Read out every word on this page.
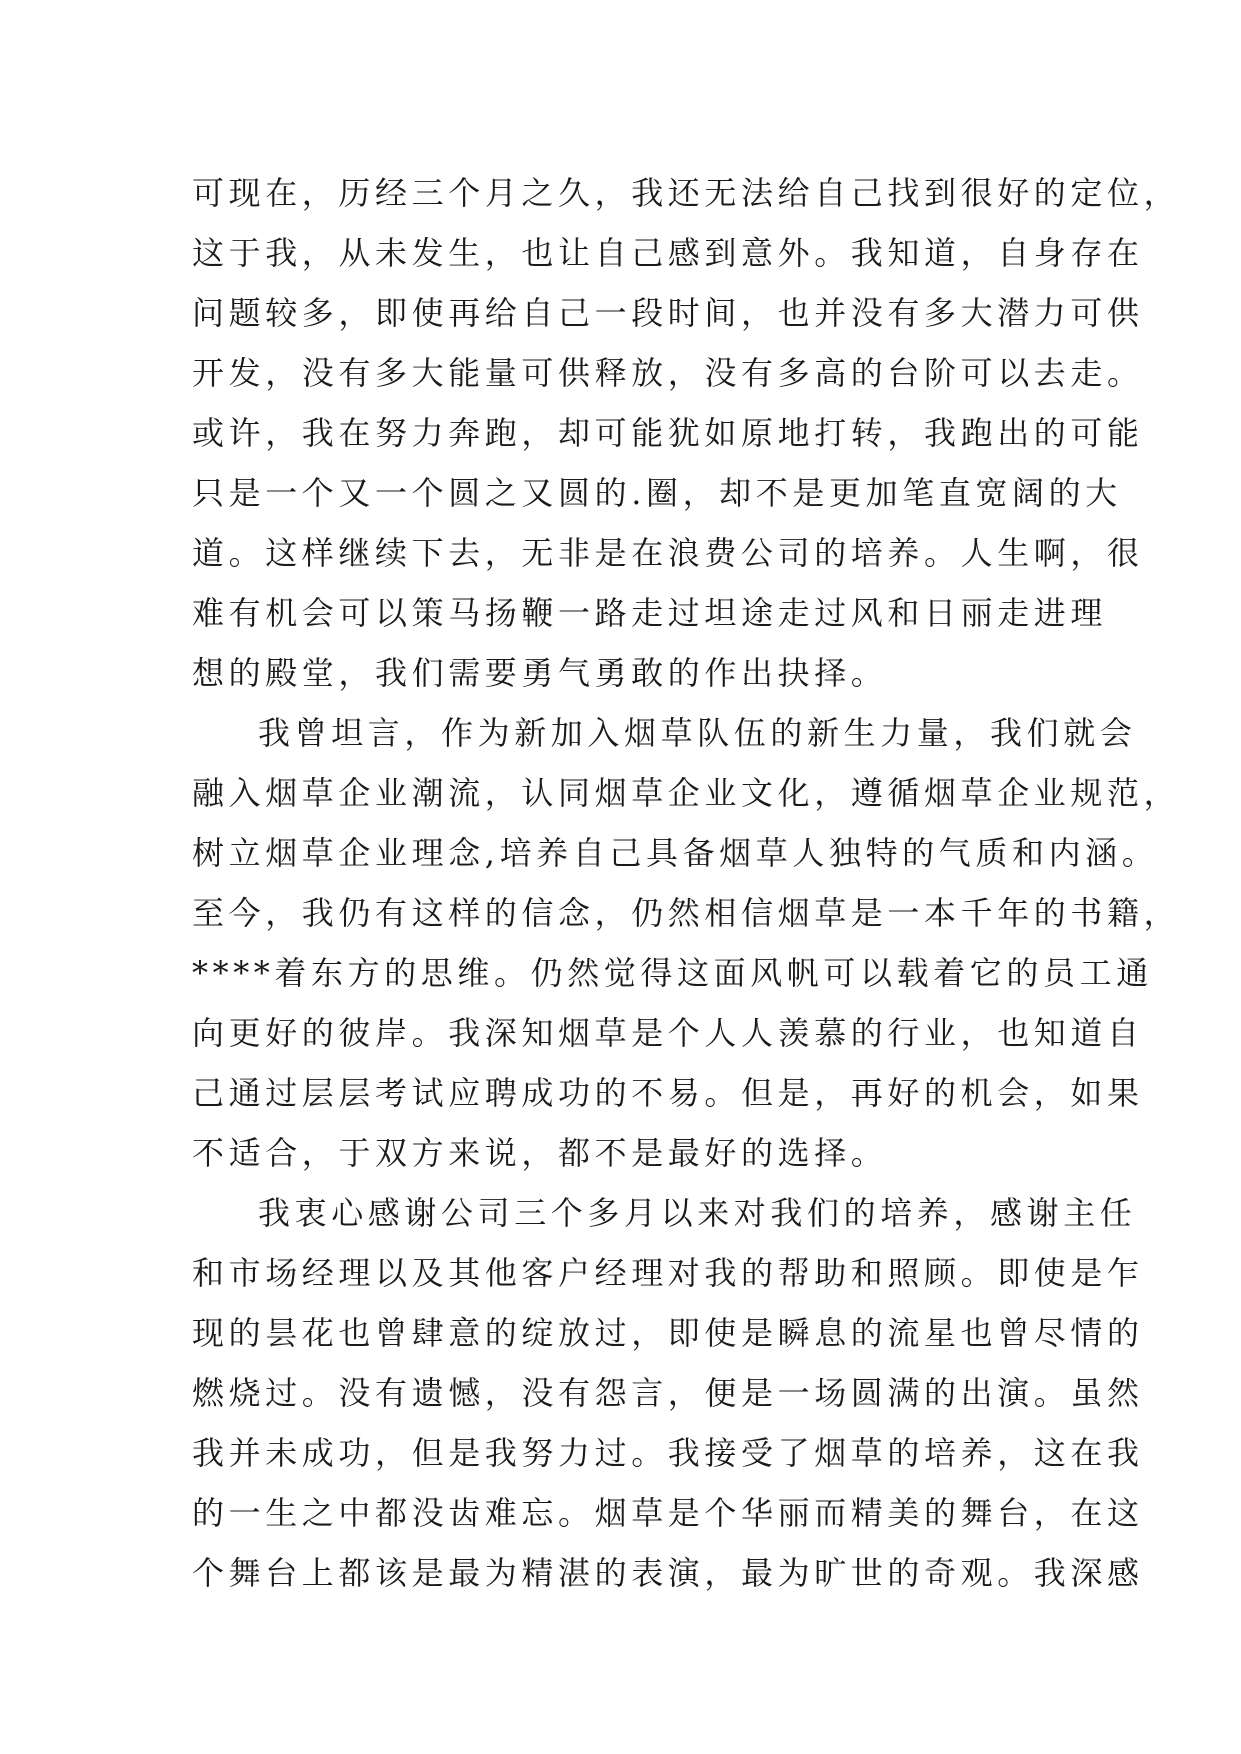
可现在，历经三个月之久，我还无法给自己找到很好的定位，
这于我，从未发生，也让自己感到意外。我知道，自身存在
问题较多，即使再给自己一段时间，也并没有多大潜力可供
开发，没有多大能量可供释放，没有多高的台阶可以去走。
或许，我在努力奔跑，却可能犹如原地打转，我跑出的可能
只是一个又一个圆之又圆的.圈，却不是更加笔直宽阔的大
道。这样继续下去，无非是在浪费公司的培养。人生啊，很
难有机会可以策马扬鞭一路走过坦途走过风和日丽走进理
想的殿堂，我们需要勇气勇敢的作出抉择。
我曾坦言，作为新加入烟草队伍的新生力量，我们就会
融入烟草企业潮流，认同烟草企业文化，遵循烟草企业规范，
树立烟草企业理念,培养自己具备烟草人独特的气质和内涵。
至今，我仍有这样的信念，仍然相信烟草是一本千年的书籍，
****着东方的思维。仍然觉得这面风帆可以载着它的员工通
向更好的彼岸。我深知烟草是个人人羡慕的行业，也知道自
己通过层层考试应聘成功的不易。但是，再好的机会，如果
不适合，于双方来说，都不是最好的选择。
我衷心感谢公司三个多月以来对我们的培养，感谢主任
和市场经理以及其他客户经理对我的帮助和照顾。即使是乍
现的昙花也曾肆意的绽放过，即使是瞬息的流星也曾尽情的
燃烧过。没有遗憾，没有怨言，便是一场圆满的出演。虽然
我并未成功，但是我努力过。我接受了烟草的培养，这在我
的一生之中都没齿难忘。烟草是个华丽而精美的舞台，在这
个舞台上都该是最为精湛的表演，最为旷世的奇观。我深感
